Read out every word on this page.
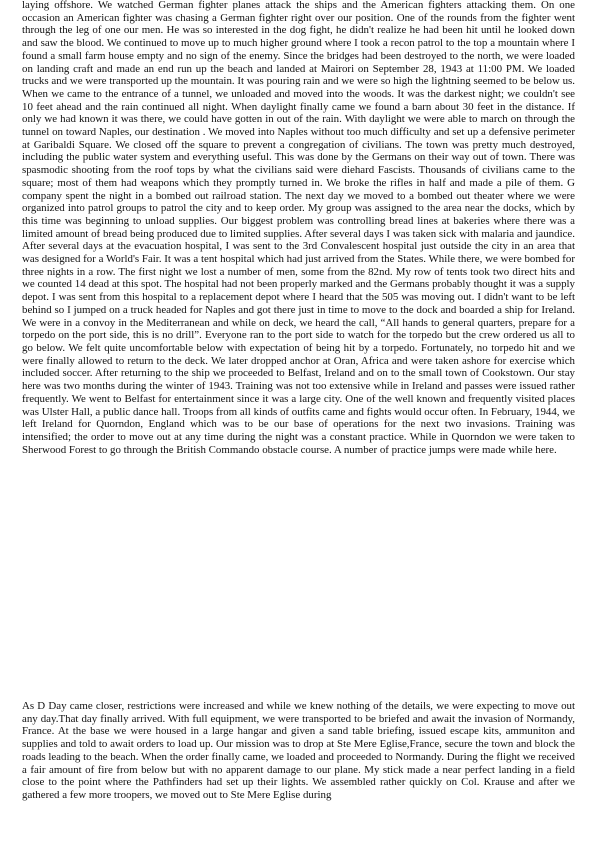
laying offshore. We watched German fighter planes attack the ships and the American fighters attacking them. On one occasion an American fighter was chasing a German fighter right over our position. One of the rounds from the fighter went through the leg of one our men. He was so interested in the dog fight, he didn't realize he had been hit until he looked down and saw the blood. We continued to move up to much higher ground where I took a recon patrol to the top a mountain where I found a small farm house empty and no sign of the enemy. Since the bridges had been destroyed to the north, we were loaded on landing craft and made an end run up the beach and landed at Mairori on September 28, 1943 at 11:00 PM. We loaded trucks and we were transported up the mountain. It was pouring rain and we were so high the lightning seemed to be below us. When we came to the entrance of a tunnel, we unloaded and moved into the woods. It was the darkest night; we couldn't see 10 feet ahead and the rain continued all night. When daylight finally came we found a barn about 30 feet in the distance. If only we had known it was there, we could have gotten in out of the rain. With daylight we were able to march on through the tunnel on toward Naples, our destination . We moved into Naples without too much difficulty and set up a defensive perimeter at Garibaldi Square. We closed off the square to prevent a congregation of civilians. The town was pretty much destroyed, including the public water system and everything useful. This was done by the Germans on their way out of town. There was spasmodic shooting from the roof tops by what the civilians said were diehard Fascists. Thousands of civilians came to the square; most of them had weapons which they promptly turned in. We broke the rifles in half and made a pile of them. G company spent the night in a bombed out railroad station. The next day we moved to a bombed out theater where we were organized into patrol groups to patrol the city and to keep order. My group was assigned to the area near the docks, which by this time was beginning to unload supplies. Our biggest problem was controlling bread lines at bakeries where there was a limited amount of bread being produced due to limited supplies. After several days I was taken sick with malaria and jaundice. After several days at the evacuation hospital, I was sent to the 3rd Convalescent hospital just outside the city in an area that was designed for a World's Fair. It was a tent hospital which had just arrived from the States. While there, we were bombed for three nights in a row. The first night we lost a number of men, some from the 82nd. My row of tents took two direct hits and we counted 14 dead at this spot. The hospital had not been properly marked and the Germans probably thought it was a supply depot. I was sent from this hospital to a replacement depot where I heard that the 505 was moving out. I didn't want to be left behind so I jumped on a truck headed for Naples and got there just in time to move to the dock and boarded a ship for Ireland. We were in a convoy in the Mediterranean and while on deck, we heard the call, “All hands to general quarters, prepare for a torpedo on the port side, this is no drill”. Everyone ran to the port side to watch for the torpedo but the crew ordered us all to go below. We felt quite uncomfortable below with expectation of being hit by a torpedo. Fortunately, no torpedo hit and we were finally allowed to return to the deck. We later dropped anchor at Oran, Africa and were taken ashore for exercise which included soccer. After returning to the ship we proceeded to Belfast, Ireland and on to the small town of Cookstown. Our stay here was two months during the winter of 1943. Training was not too extensive while in Ireland and passes were issued rather frequently. We went to Belfast for entertainment since it was a large city. One of the well known and frequently visited places was Ulster Hall, a public dance hall. Troops from all kinds of outfits came and fights would occur often. In February, 1944, we left Ireland for Quorndon, England which was to be our base of operations for the next two invasions. Training was intensified; the order to move out at any time during the night was a constant practice. While in Quorndon we were taken to Sherwood Forest to go through the British Commando obstacle course. A number of practice jumps were made while here.

As D Day came closer, restrictions were increased and while we knew nothing of the details, we were expecting to move out any day.That day finally arrived. With full equipment, we were transported to be briefed and await the invasion of Normandy, France. At the base we were housed in a large hangar and given a sand table briefing, issued escape kits, ammuniton and supplies and told to await orders to load up. Our mission was to drop at Ste Mere Eglise,France, secure the town and block the roads leading to the beach. When the order finally came, we loaded and proceeded to Normandy. During the flight we received a fair amount of fire from below but with no apparent damage to our plane. My stick made a near perfect landing in a field close to the point where the Pathfinders had set up their lights. We assembled rather quickly on Col. Krause and after we gathered a few more troopers, we moved out to Ste Mere Eglise during
